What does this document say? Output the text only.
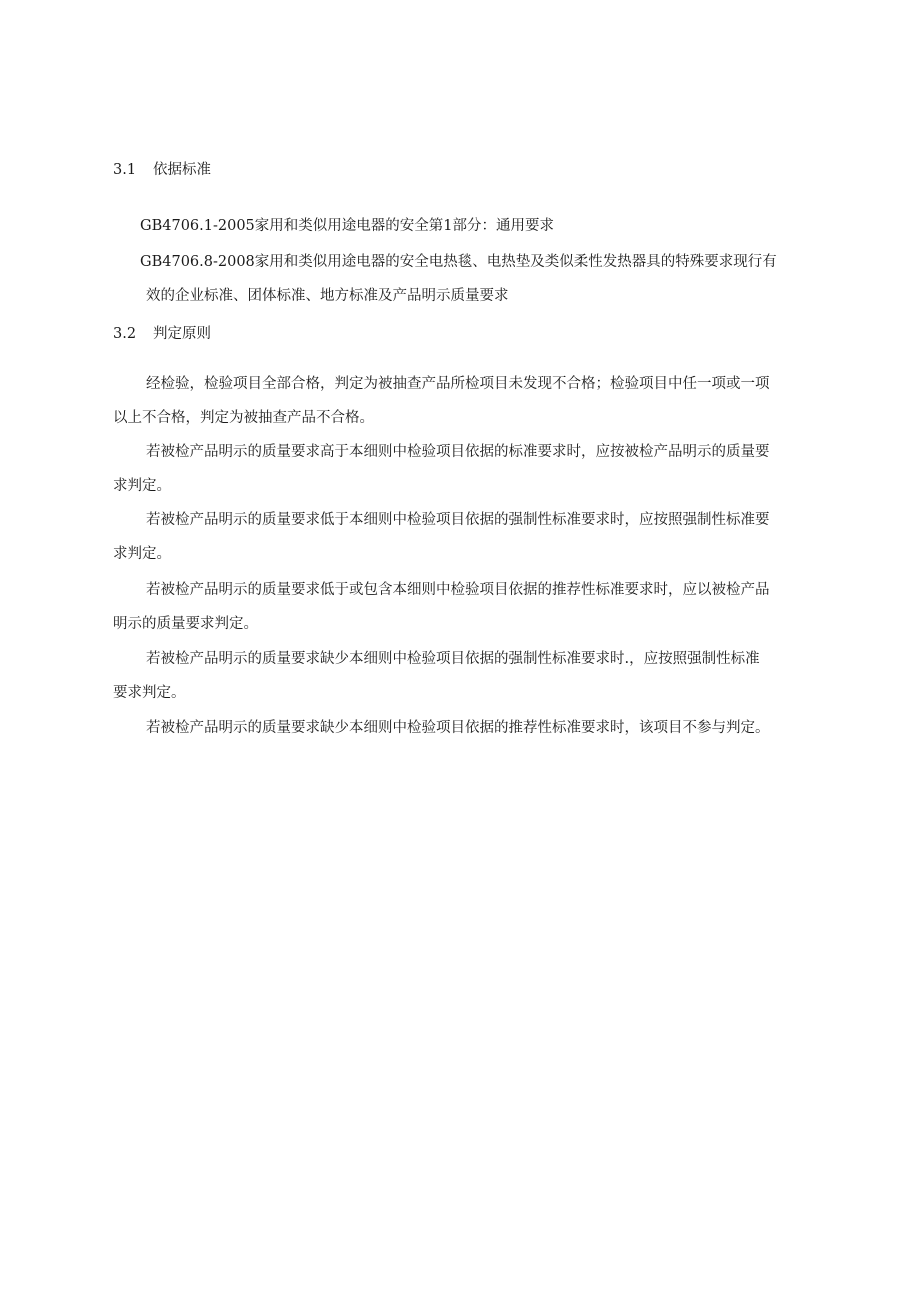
3.1 依据标准
GB4706.1-2005家用和类似用途电器的安全第1部分：通用要求
GB4706.8-2008家用和类似用途电器的安全电热毯、电热垫及类似柔性发热器具的特殊要求现行有
效的企业标准、团体标准、地方标准及产品明示质量要求
3.2 判定原则
经检验，检验项目全部合格，判定为被抽查产品所检项目未发现不合格；检验项目中任一项或一项
以上不合格，判定为被抽查产品不合格。
若被检产品明示的质量要求高于本细则中检验项目依据的标准要求时，应按被检产品明示的质量要
求判定。
若被检产品明示的质量要求低于本细则中检验项目依据的强制性标准要求时，应按照强制性标准要
求判定。
若被检产品明示的质量要求低于或包含本细则中检验项目依据的推荐性标准要求时，应以被检产品
明示的质量要求判定。
若被检产品明示的质量要求缺少本细则中检验项目依据的强制性标准要求时.，应按照强制性标准
要求判定。
若被检产品明示的质量要求缺少本细则中检验项目依据的推荐性标准要求时，该项目不参与判定。
